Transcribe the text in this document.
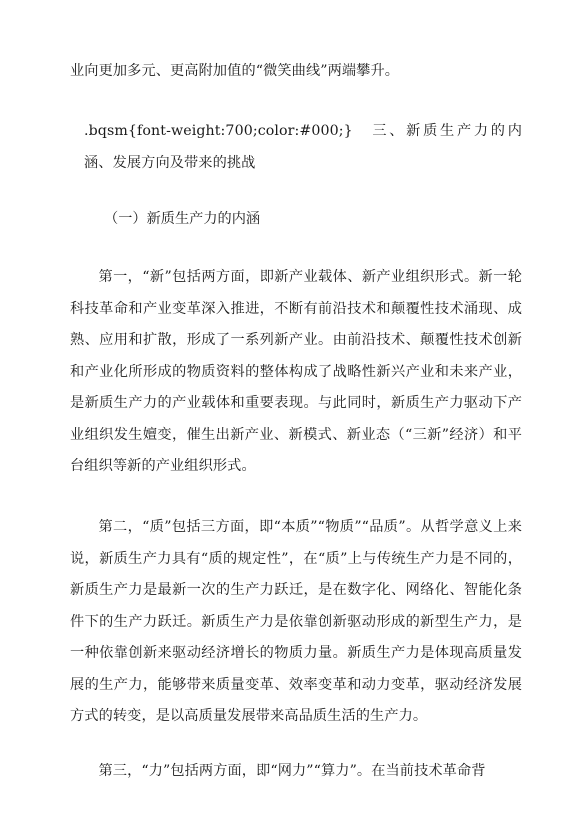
业向更加多元、更高附加值的“微笑曲线”两端攀升。

.bqsm{font-weight:700;color:#000;}　三、新质生产力的内涵、发展方向及带来的挑战

（一）新质生产力的内涵

第一，“新”包括两方面，即新产业载体、新产业组织形式。新一轮科技革命和产业变革深入推进，不断有前沿技术和颠覆性技术涌现、成熟、应用和扩散，形成了一系列新产业。由前沿技术、颠覆性技术创新和产业化所形成的物质资料的整体构成了战略性新兴产业和未来产业，是新质生产力的产业载体和重要表现。与此同时，新质生产力驱动下产业组织发生嬗变，催生出新产业、新模式、新业态（“三新”经济）和平台组织等新的产业组织形式。

第二，“质”包括三方面，即“本质”“物质”“品质”。从哲学意义上来说，新质生产力具有“质的规定性”，在“质”上与传统生产力是不同的，新质生产力是最新一次的生产力跃迁，是在数字化、网络化、智能化条件下的生产力跃迁。新质生产力是依靠创新驱动形成的新型生产力，是一种依靠创新来驱动经济增长的物质力量。新质生产力是体现高质量发展的生产力，能够带来质量变革、效率变革和动力变革，驱动经济发展方式的转变，是以高质量发展带来高品质生活的生产力。

第三，“力”包括两方面，即“网力”“算力”。在当前技术革命背
